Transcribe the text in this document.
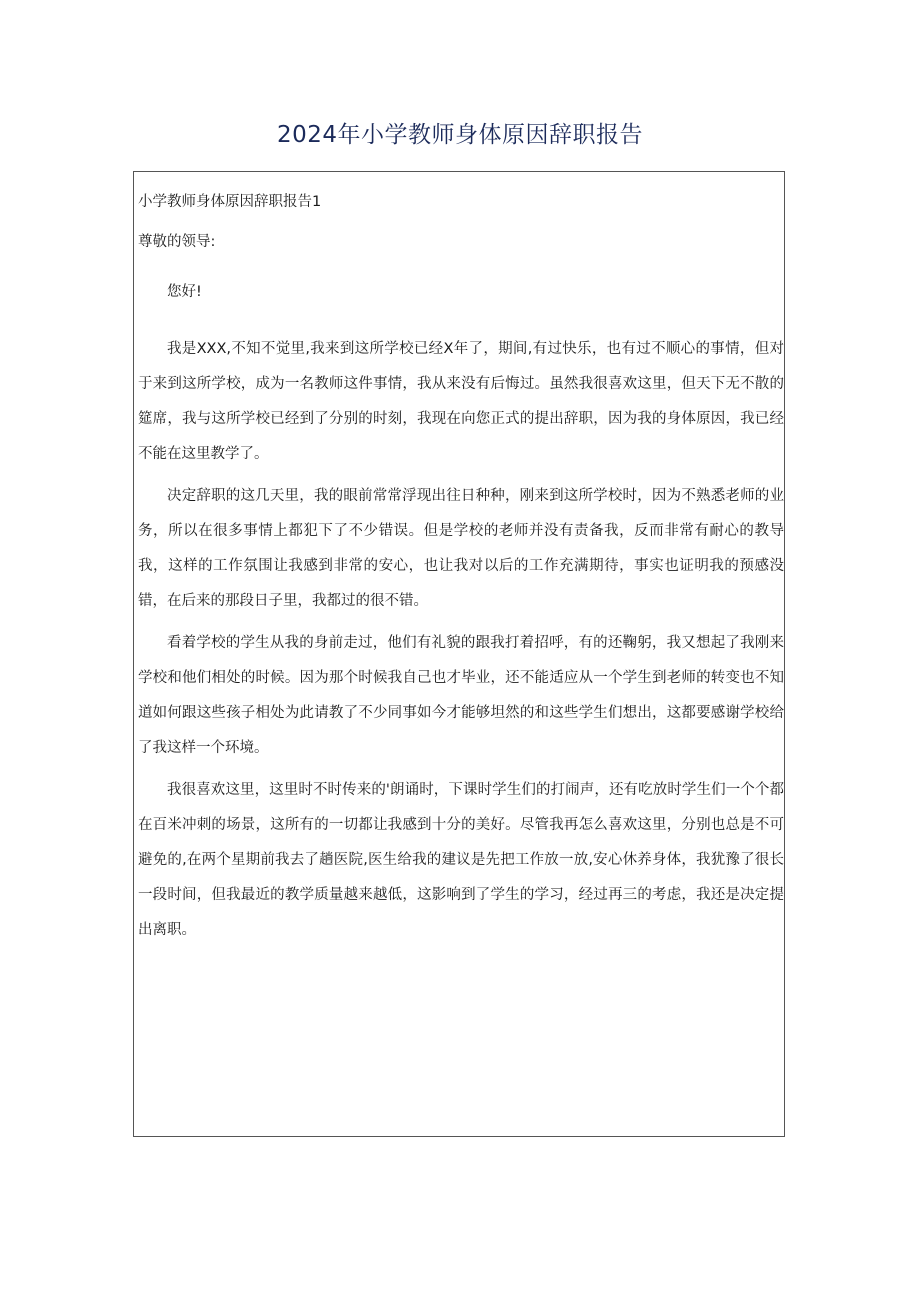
2024年小学教师身体原因辞职报告

小学教师身体原因辞职报告1

尊敬的领导:

您好!

我是XXX,不知不觉里,我来到这所学校已经X年了，期间,有过快乐，也有过不顺心的事情，但对于来到这所学校，成为一名教师这件事情，我从来没有后悔过。虽然我很喜欢这里，但天下无不散的筵席，我与这所学校已经到了分别的时刻，我现在向您正式的提出辞职，因为我的身体原因，我已经不能在这里教学了。

决定辞职的这几天里，我的眼前常常浮现出往日种种，刚来到这所学校时，因为不熟悉老师的业务，所以在很多事情上都犯下了不少错误。但是学校的老师并没有责备我，反而非常有耐心的教导我，这样的工作氛围让我感到非常的安心，也让我对以后的工作充满期待，事实也证明我的预感没错，在后来的那段日子里，我都过的很不错。

看着学校的学生从我的身前走过，他们有礼貌的跟我打着招呼，有的还鞠躬，我又想起了我刚来学校和他们相处的时候。因为那个时候我自己也才毕业，还不能适应从一个学生到老师的转变也不知道如何跟这些孩子相处为此请教了不少同事如今才能够坦然的和这些学生们想出，这都要感谢学校给了我这样一个环境。

我很喜欢这里，这里时不时传来的'朗诵时，下课时学生们的打闹声，还有吃放时学生们一个个都在百米冲刺的场景，这所有的一切都让我感到十分的美好。尽管我再怎么喜欢这里，分别也总是不可避免的,在两个星期前我去了趟医院,医生给我的建议是先把工作放一放,安心休养身体，我犹豫了很长一段时间，但我最近的教学质量越来越低，这影响到了学生的学习，经过再三的考虑，我还是决定提出离职。
